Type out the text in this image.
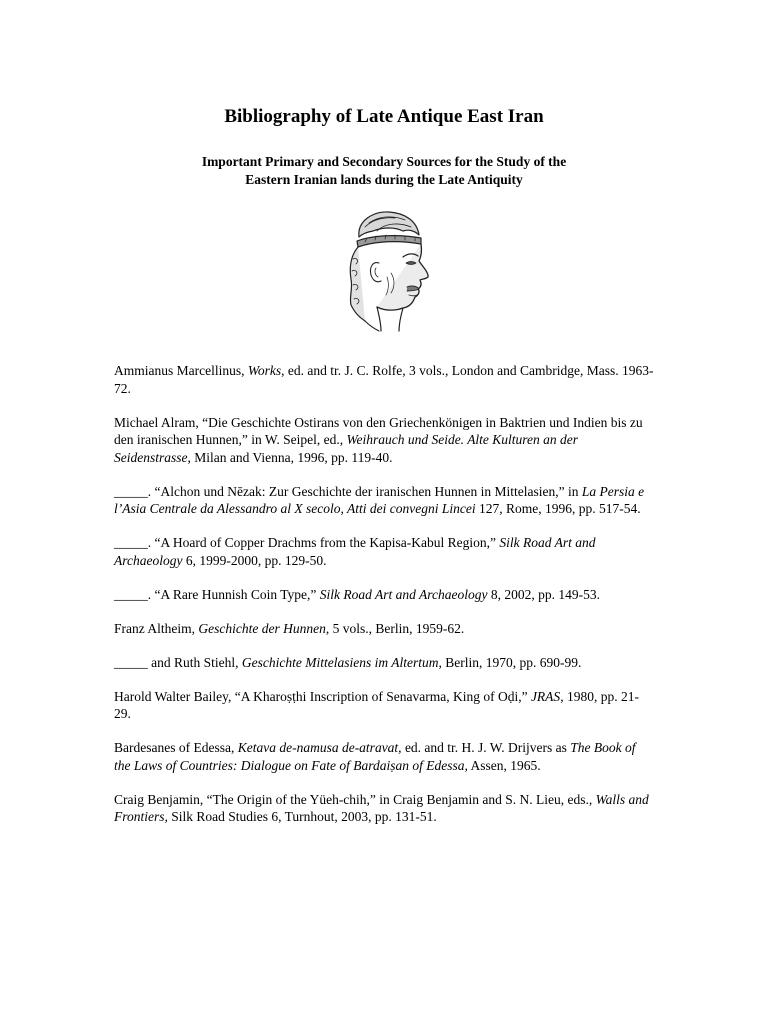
Bibliography of Late Antique East Iran
Important Primary and Secondary Sources for the Study of the
Eastern Iranian lands during the Late Antiquity

Ammianus Marcellinus, Works, ed. and tr. J. C. Rolfe, 3 vols., London and Cambridge, Mass. 1963-72.

Michael Alram, “Die Geschichte Ostirans von den Griechenkönigen in Baktrien und Indien bis zu den iranischen Hunnen,” in W. Seipel, ed., Weihrauch und Seide. Alte Kulturen an der Seidenstrasse, Milan and Vienna, 1996, pp. 119-40.

_____. “Alchon und Nēzak: Zur Geschichte der iranischen Hunnen in Mittelasien,” in La Persia e l’Asia Centrale da Alessandro al X secolo, Atti dei convegni Lincei 127, Rome, 1996, pp. 517-54.

_____. “A Hoard of Copper Drachms from the Kapisa-Kabul Region,” Silk Road Art and Archaeology 6, 1999-2000, pp. 129-50.

_____. “A Rare Hunnish Coin Type,” Silk Road Art and Archaeology 8, 2002, pp. 149-53.

Franz Altheim, Geschichte der Hunnen, 5 vols., Berlin, 1959-62.

_____ and Ruth Stiehl, Geschichte Mittelasiens im Altertum, Berlin, 1970, pp. 690-99.

Harold Walter Bailey, “A Kharoṣṭhi Inscription of Senavarma, King of Oḍi,” JRAS, 1980, pp. 21-29.

Bardesanes of Edessa, Ketava de-namusa de-atravat, ed. and tr. H. J. W. Drijvers as The Book of the Laws of Countries: Dialogue on Fate of Bardaiṣan of Edessa, Assen, 1965.

Craig Benjamin, “The Origin of the Yüeh-chih,” in Craig Benjamin and S. N. Lieu, eds., Walls and Frontiers, Silk Road Studies 6, Turnhout, 2003, pp. 131-51.
